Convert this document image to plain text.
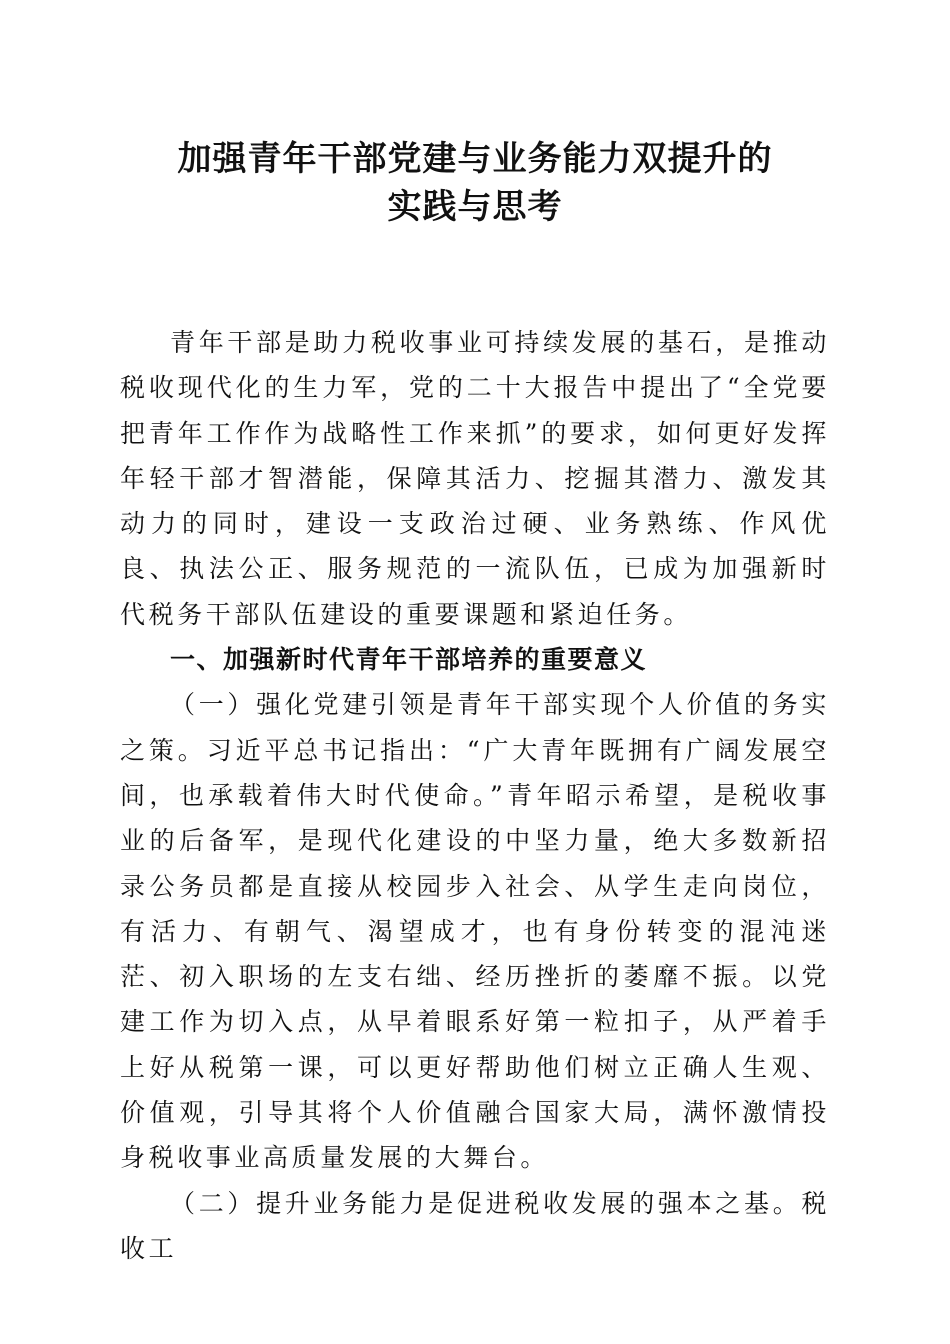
加强青年干部党建与业务能力双提升的
实践与思考

青年干部是助力税收事业可持续发展的基石，是推动税收现代化的生力军，党的二十大报告中提出了“全党要把青年工作作为战略性工作来抓”的要求，如何更好发挥年轻干部才智潜能，保障其活力、挖掘其潜力、激发其动力的同时，建设一支政治过硬、业务熟练、作风优良、执法公正、服务规范的一流队伍，已成为加强新时代税务干部队伍建设的重要课题和紧迫任务。

一、加强新时代青年干部培养的重要意义

（一）强化党建引领是青年干部实现个人价值的务实之策。习近平总书记指出：“广大青年既拥有广阔发展空间，也承载着伟大时代使命。”青年昭示希望，是税收事业的后备军，是现代化建设的中坚力量，绝大多数新招录公务员都是直接从校园步入社会、从学生走向岗位，有活力、有朝气、渴望成才，也有身份转变的混沌迷茫、初入职场的左支右绌、经历挫折的萎靡不振。以党建工作为切入点，从早着眼系好第一粒扣子，从严着手上好从税第一课，可以更好帮助他们树立正确人生观、价值观，引导其将个人价值融合国家大局，满怀激情投身税收事业高质量发展的大舞台。

（二）提升业务能力是促进税收发展的强本之基。税收工
